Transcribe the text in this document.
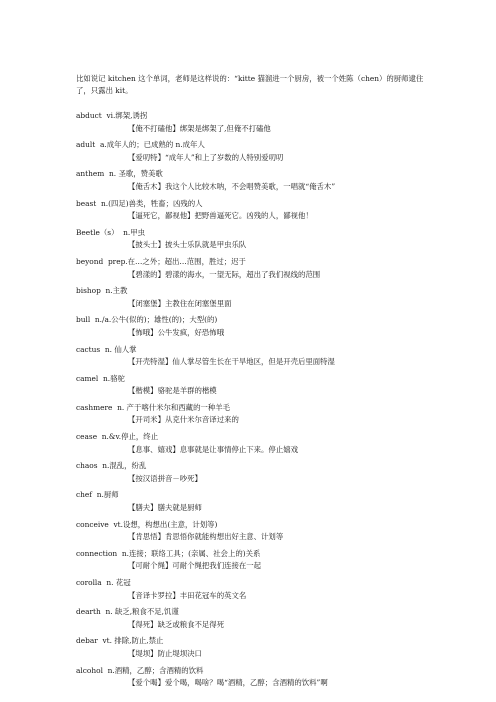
比如说记 kitchen 这个单词，老师是这样说的：“kitte 猫溜进一个厨房，被一个姓陈（chen）的厨师逮住了，只露出 kit。

abduct vi.绑架,诱拐
【俺不打磕他】绑架是绑架了,但俺不打磕他
adult a.成年人的；已成熟的 n.成年人
【爱叨特】“成年人”和上了岁数的人特别爱叨叨
anthem n. 圣歌，赞美歌
【俺舌木】我这个人比较木呐，不会唱赞美歌，一唱就“俺舌木”
beast n.(四足)兽类，牲畜；凶残的人
【逼死它，鄙视他】把野兽逼死它。凶残的人，鄙视他！
Beetle（s） n.甲虫
【披头士】披头士乐队就是甲虫乐队
beyond prep.在…之外；超出…范围，胜过；迟于
【碧漾的】碧漾的海水，一望无际，超出了我们视线的范围
bishop n.主教
【闭塞堡】主教住在闭塞堡里面
bull n./a.公牛(似的)；雄性(的)；大型(的)
【怖哦】公牛发疯，好恐怖哦
cactus n. 仙人掌
【开壳特湿】仙人掌尽管生长在干旱地区，但是开壳后里面特湿
camel n.骆驼
【楷模】骆驼是羊群的楷模
cashmere n. 产于喀什米尔和西藏的一种羊毛
【开司米】从克什米尔音译过来的
cease n.&v.停止，终止
【息事、嬉戏】息事就是让事情停止下来。停止嬉戏
chaos n.混乱，纷乱
【按汉语拼音－吵死】
chef n.厨师
【膳夫】膳夫就是厨师
conceive vt.设想，构想出(主意，计划等)
【肯思悟】肯思悟你就能构想出好主意、计划等
connection n.连接；联络工具；(亲属、社会上的)关系
【可耐个绳】可耐个绳把我们连接在一起
corolla n. 花冠
【音译卡罗拉】丰田花冠车的英文名
dearth n. 缺乏,粮食不足,饥谨
【得死】缺乏或粮食不足得死
debar vt. 排除,防止,禁止
【堤坝】防止堤坝决口
alcohol n.酒精，乙醇；含酒精的饮料
【爱个喝】爱个喝，喝啥？喝“酒精，乙醇；含酒精的饮料”啊
